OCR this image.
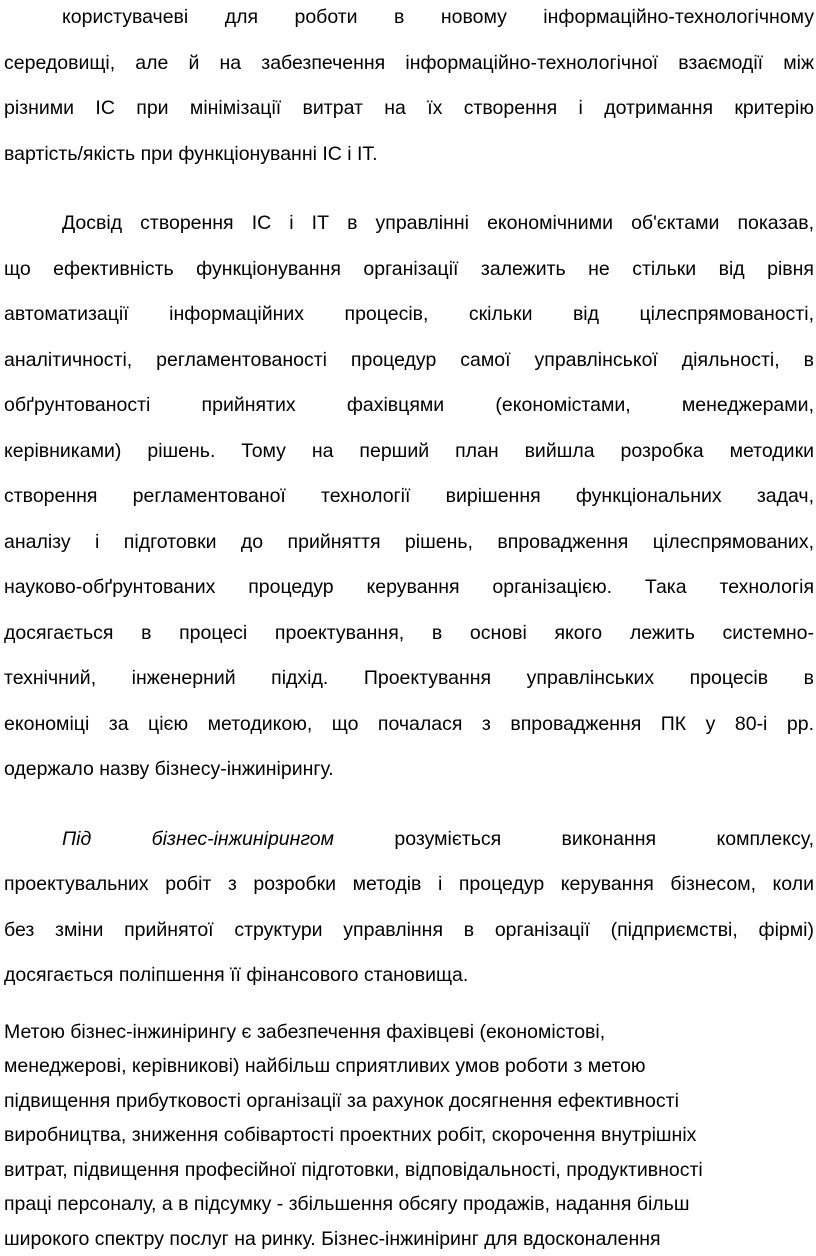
користувачеві для роботи в новому інформаційно-технологічному
середовищі, але й на забезпечення інформаційно-технологічної взаємодії між
різними ІС при мінімізації витрат на їх створення і дотримання критерію
вартість/якість при функціонуванні ІС і ІТ.
Досвід створення ІС і ІТ в управлінні економічними об'єктами показав,
що ефективність функціонування організації залежить не стільки від рівня
автоматизації інформаційних процесів, скільки від цілеспрямованості,
аналітичності, регламентованості процедур самої управлінської діяльності, в
обґрунтованості прийнятих фахівцями (економістами, менеджерами,
керівниками) рішень. Тому на перший план вийшла розробка методики
створення регламентованої технології вирішення функціональних задач,
аналізу і підготовки до прийняття рішень, впровадження цілеспрямованих,
науково-обґрунтованих процедур керування організацією. Така технологія
досягається в процесі проектування, в основі якого лежить системно-
технічний, інженерний підхід. Проектування управлінських процесів в
економіці за цією методикою, що почалася з впровадження ПК у 80-і рр.
одержало назву бізнесу-інжинірингу.
Під бізнес-інжинірингом	розуміється виконання комплексу,
проектувальних робіт з розробки методів і процедур керування бізнесом, коли
без зміни прийнятої структури управління в організації (підприємстві, фірмі)
досягається поліпшення її фінансового становища.
Метою бізнес-інжинірингу є забезпечення фахівцеві (економістові,
менеджерові, керівникові) найбільш сприятливих умов роботи з метою
підвищення прибутковості організації за рахунок досягнення ефективності
виробництва, зниження собівартості проектних робіт, скорочення внутрішніх
витрат, підвищення професійної підготовки, відповідальності, продуктивності
праці персоналу, а в підсумку - збільшення обсягу продажів, надання більш
широкого спектру послуг на ринку. Бізнес-інжиніринг для вдосконалення
